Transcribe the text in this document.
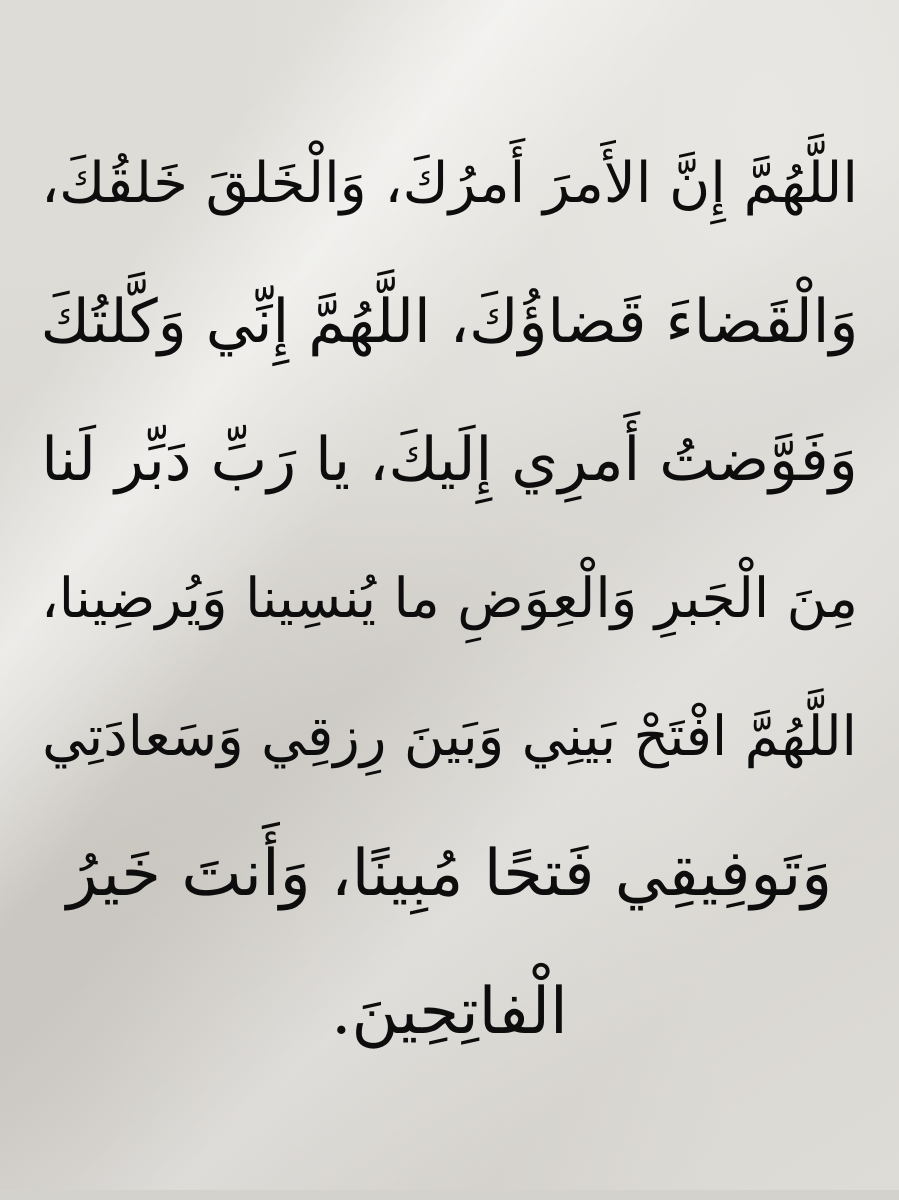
اللَّهُمَّ إِنَّ الأَمرَ أَمرُكَ، وَالْخَلقَ خَلقُكَ،
وَالْقَضاءَ قَضاؤُكَ، اللَّهُمَّ إِنِّي وَكَّلتُكَ
وَفَوَّضتُ أَمرِي إِلَيكَ، يا رَبِّ دَبِّر لَنا
مِنَ الْجَبرِ وَالْعِوَضِ ما يُنسِينا وَيُرضِينا،
اللَّهُمَّ افْتَحْ بَينِي وَبَينَ رِزقِي وَسَعادَتِي
وَتَوفِيقِي فَتحًا مُبِينًا، وَأَنتَ خَيرُ
الْفاتِحِينَ.
